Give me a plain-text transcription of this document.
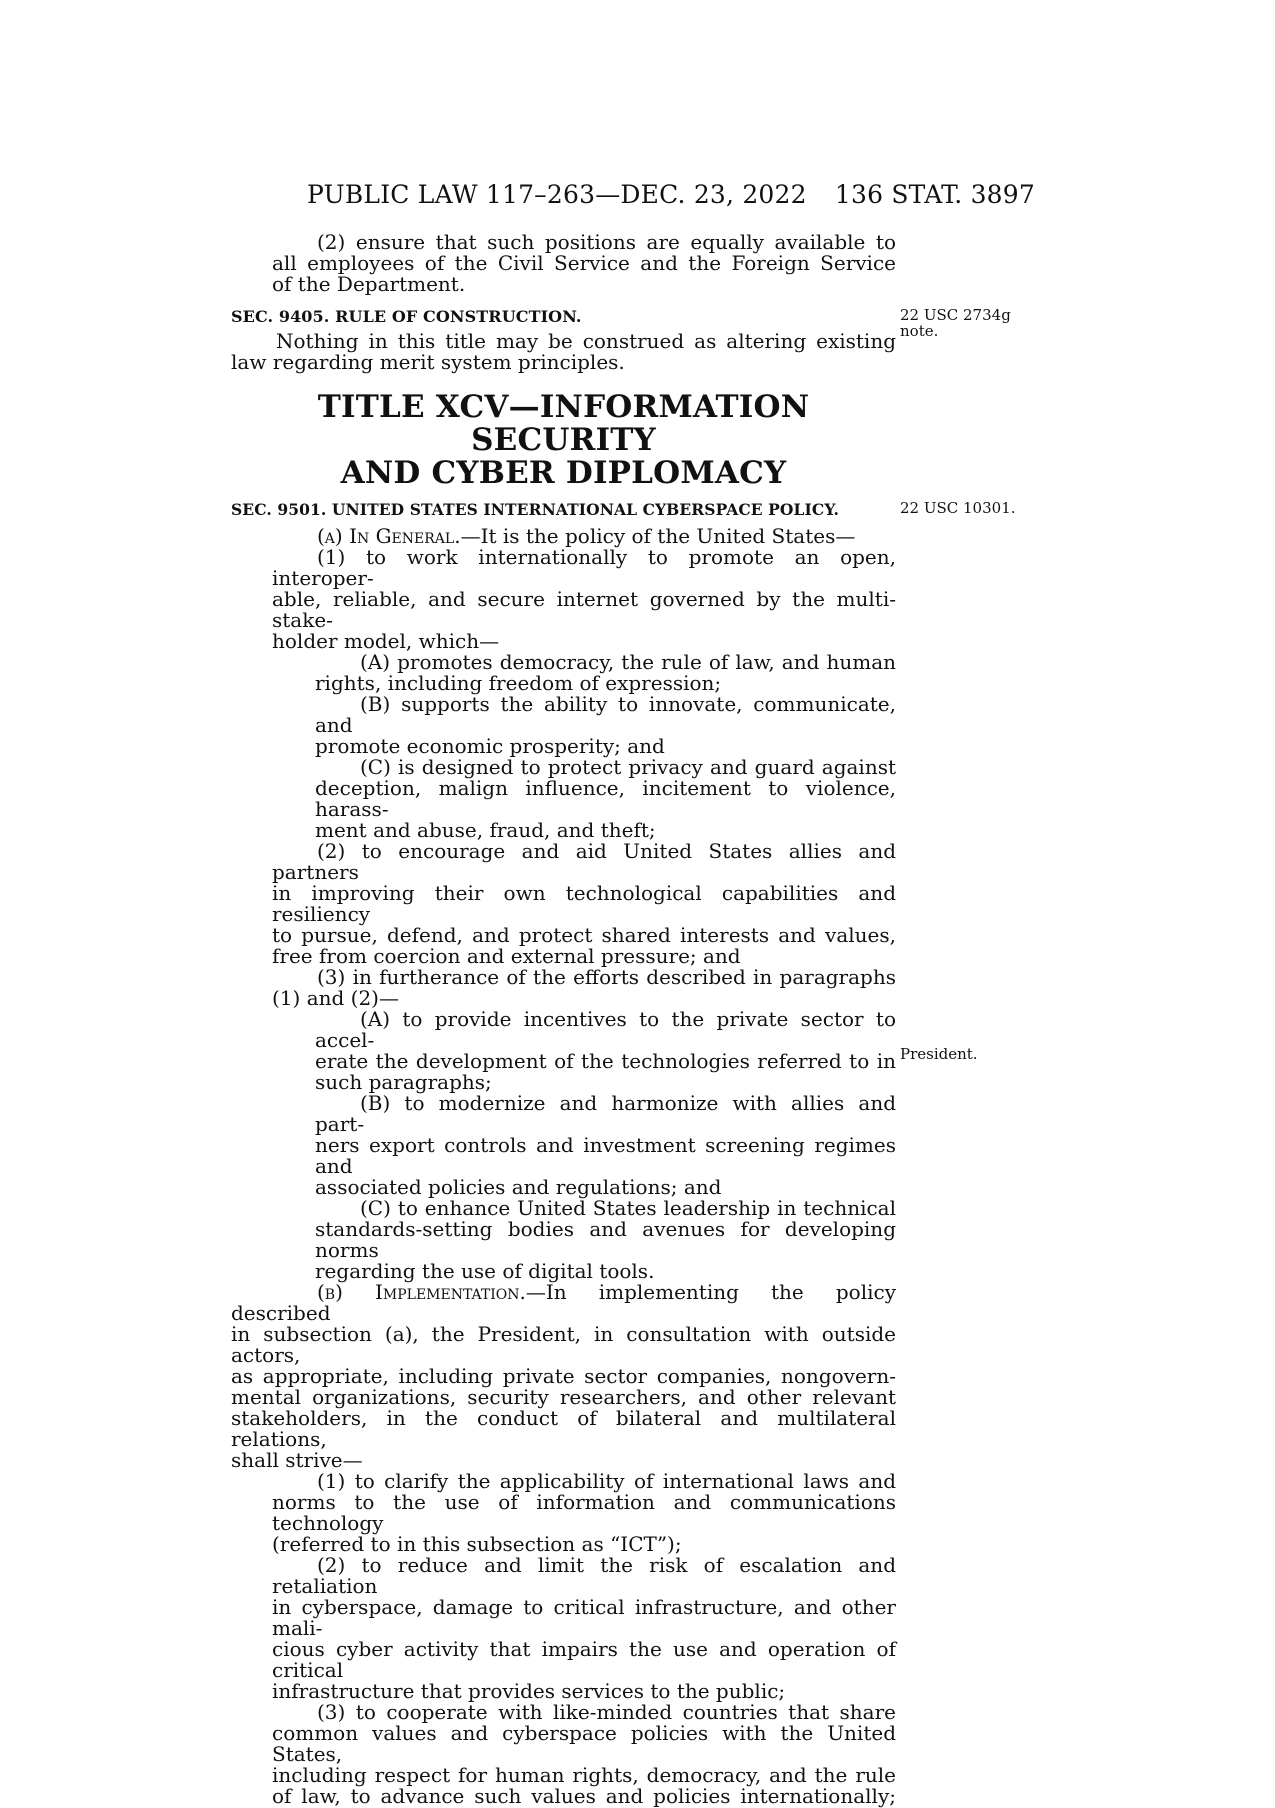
PUBLIC LAW 117–263—DEC. 23, 2022 136 STAT. 3897
(2) ensure that such positions are equally available to
all employees of the Civil Service and the Foreign Service
of the Department.
SEC. 9405. RULE OF CONSTRUCTION.	22 USC 2734g
note.
Nothing in this title may be construed as altering existing
law regarding merit system principles.
TITLE XCV—INFORMATION SECURITY
AND CYBER DIPLOMACY
SEC. 9501. UNITED STATES INTERNATIONAL CYBERSPACE POLICY.	22 USC 10301.
(a) In General.—It is the policy of the United States—
(1) to work internationally to promote an open, interoper-
able, reliable, and secure internet governed by the multi-stake-
holder model, which—
(A) promotes democracy, the rule of law, and human
rights, including freedom of expression;
(B) supports the ability to innovate, communicate, and
promote economic prosperity; and
(C) is designed to protect privacy and guard against
deception, malign influence, incitement to violence, harass-
ment and abuse, fraud, and theft;
(2) to encourage and aid United States allies and partners
in improving their own technological capabilities and resiliency
to pursue, defend, and protect shared interests and values,
free from coercion and external pressure; and
(3) in furtherance of the efforts described in paragraphs
(1) and (2)—
(A) to provide incentives to the private sector to accel-
erate the development of the technologies referred to in
such paragraphs;
(B) to modernize and harmonize with allies and part-
ners export controls and investment screening regimes and
associated policies and regulations; and
(C) to enhance United States leadership in technical
standards-setting bodies and avenues for developing norms
regarding the use of digital tools.
(b) Implementation.—In implementing the policy described
in subsection (a), the President, in consultation with outside actors,
as appropriate, including private sector companies, nongovern-
mental organizations, security researchers, and other relevant
stakeholders, in the conduct of bilateral and multilateral relations,
shall strive—
(1) to clarify the applicability of international laws and
norms to the use of information and communications technology
(referred to in this subsection as “ICT”);
(2) to reduce and limit the risk of escalation and retaliation
in cyberspace, damage to critical infrastructure, and other mali-
cious cyber activity that impairs the use and operation of critical
infrastructure that provides services to the public;
(3) to cooperate with like-minded countries that share
common values and cyberspace policies with the United States,
including respect for human rights, democracy, and the rule
of law, to advance such values and policies internationally;
President.
